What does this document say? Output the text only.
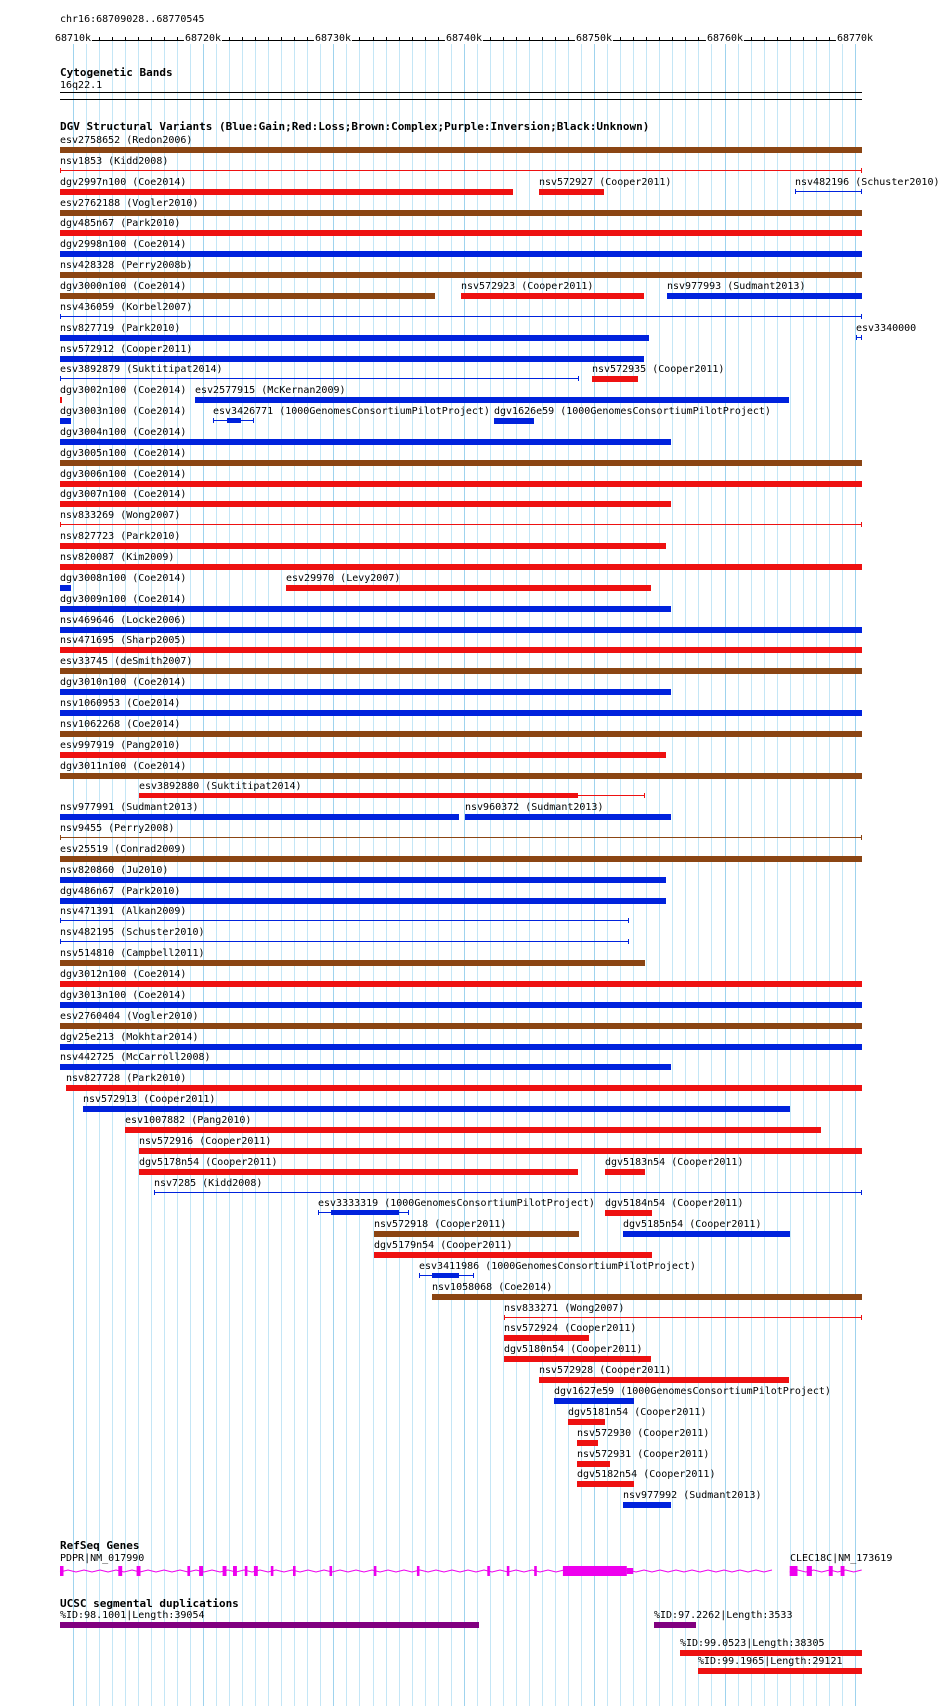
chr16:68709028..68770545
68710k	68720k	68730k	68740k	68750k	68760k	68770k
Cytogenetic Bands
16q22.1
DGV Structural Variants (Blue:Gain;Red:Loss;Brown:Complex;Purple:Inversion;Black:Unknown)
esv2758652 (Redon2006)
nsv1853 (Kidd2008)
dgv2997n100 (Coe2014)	nsv572927 (Cooper2011)	nsv482196 (Schuster2010)
esv2762188 (Vogler2010)
dgv485n67 (Park2010)
dgv2998n100 (Coe2014)
nsv428328 (Perry2008b)
dgv3000n100 (Coe2014)	nsv572923 (Cooper2011)	nsv977993 (Sudmant2013)
nsv436059 (Korbel2007)
nsv827719 (Park2010)	esv3340000
nsv572912 (Cooper2011)
esv3892879 (Suktitipat2014)	nsv572935 (Cooper2011)
dgv3002n100 (Coe2014) esv2577915 (McKernan2009)
dgv3003n100 (Coe2014)	esv3426771 (1000GenomesConsortiumPilotProject) dgv1626e59 (1000GenomesConsortiumPilotProject)
dgv3004n100 (Coe2014)
dgv3005n100 (Coe2014)
dgv3006n100 (Coe2014)
dgv3007n100 (Coe2014)
nsv833269 (Wong2007)
nsv827723 (Park2010)
nsv820087 (Kim2009)
dgv3008n100 (Coe2014)	esv29970 (Levy2007)
dgv3009n100 (Coe2014)
nsv469646 (Locke2006)
nsv471695 (Sharp2005)
esv33745 (deSmith2007)
dgv3010n100 (Coe2014)
nsv1060953 (Coe2014)
nsv1062268 (Coe2014)
esv997919 (Pang2010)
dgv3011n100 (Coe2014)
esv3892880 (Suktitipat2014)
nsv977991 (Sudmant2013)	nsv960372 (Sudmant2013)
nsv9455 (Perry2008)
esv25519 (Conrad2009)
nsv820860 (Ju2010)
dgv486n67 (Park2010)
nsv471391 (Alkan2009)
nsv482195 (Schuster2010)
nsv514810 (Campbell2011)
dgv3012n100 (Coe2014)
dgv3013n100 (Coe2014)
esv2760404 (Vogler2010)
dgv25e213 (Mokhtar2014)
nsv442725 (McCarroll2008)
nsv827728 (Park2010)
nsv572913 (Cooper2011)
esv1007882 (Pang2010)
nsv572916 (Cooper2011)
dgv5178n54 (Cooper2011)	dgv5183n54 (Cooper2011)
nsv7285 (Kidd2008)
esv3333319 (1000GenomesConsortiumPilotProject) dgv5184n54 (Cooper2011)
nsv572918 (Cooper2011)	dgv5185n54 (Cooper2011)
dgv5179n54 (Cooper2011)
esv3411986 (1000GenomesConsortiumPilotProject)
nsv1058068 (Coe2014)
nsv833271 (Wong2007)
nsv572924 (Cooper2011)
dgv5180n54 (Cooper2011)
nsv572928 (Cooper2011)
dgv1627e59 (1000GenomesConsortiumPilotProject)
dgv5181n54 (Cooper2011)
nsv572930 (Cooper2011)
nsv572931 (Cooper2011)
dgv5182n54 (Cooper2011)
nsv977992 (Sudmant2013)
RefSeq Genes
PDPR|NM_017990	CLEC18C|NM_173619
UCSC segmental duplications
%ID:98.1001|Length:39054	%ID:97.2262|Length:3533
%ID:99.0523|Length:38305
%ID:99.1965|Length:29121
